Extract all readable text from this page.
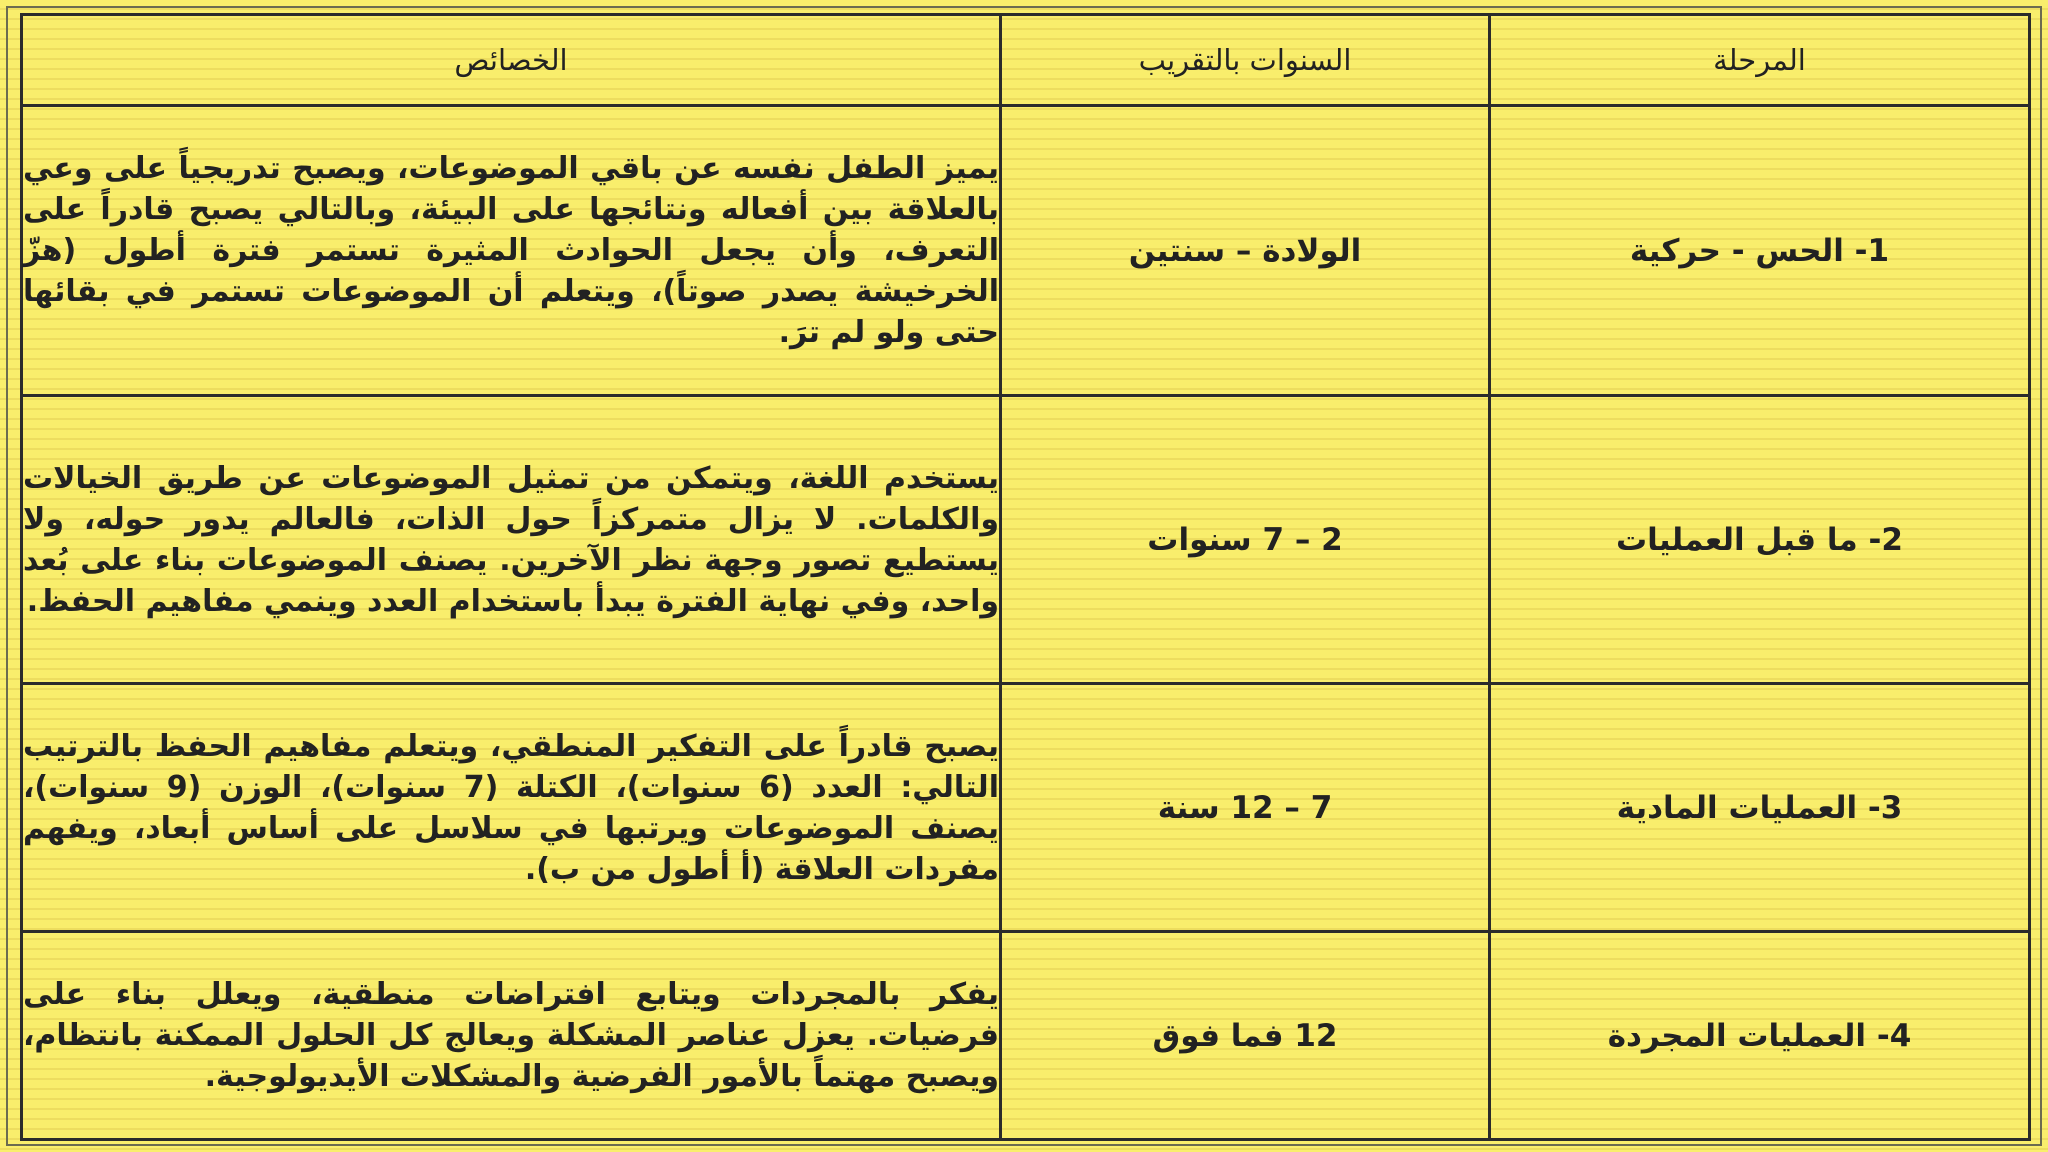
المرحلة	السنوات بالتقريب	الخصائص
1- الحس - حركية	الولادة – سنتين	يميز الطفل نفسه عن باقي الموضوعات، ويصبح تدريجياً على وعي بالعلاقة بين أفعاله ونتائجها على البيئة، وبالتالي يصبح قادراً على التعرف، وأن يجعل الحوادث المثيرة تستمر فترة أطول (هزّ الخرخيشة يصدر صوتاً)، ويتعلم أن الموضوعات تستمر في بقائها حتى ولو لم ترَ.
2- ما قبل العمليات	2 – 7 سنوات	يستخدم اللغة، ويتمكن من تمثيل الموضوعات عن طريق الخيالات والكلمات. لا يزال متمركزاً حول الذات، فالعالم يدور حوله، ولا يستطيع تصور وجهة نظر الآخرين. يصنف الموضوعات بناء على بُعد واحد، وفي نهاية الفترة يبدأ باستخدام العدد وينمي مفاهيم الحفظ.
3- العمليات المادية	7 – 12 سنة	يصبح قادراً على التفكير المنطقي، ويتعلم مفاهيم الحفظ بالترتيب التالي: العدد (6 سنوات)، الكتلة (7 سنوات)، الوزن (9 سنوات)، يصنف الموضوعات ويرتبها في سلاسل على أساس أبعاد، ويفهم مفردات العلاقة (أ أطول من ب).
4- العمليات المجردة	12 فما فوق	يفكر بالمجردات ويتابع افتراضات منطقية، ويعلل بناء على فرضيات. يعزل عناصر المشكلة ويعالج كل الحلول الممكنة بانتظام، ويصبح مهتماً بالأمور الفرضية والمشكلات الأيديولوجية.
